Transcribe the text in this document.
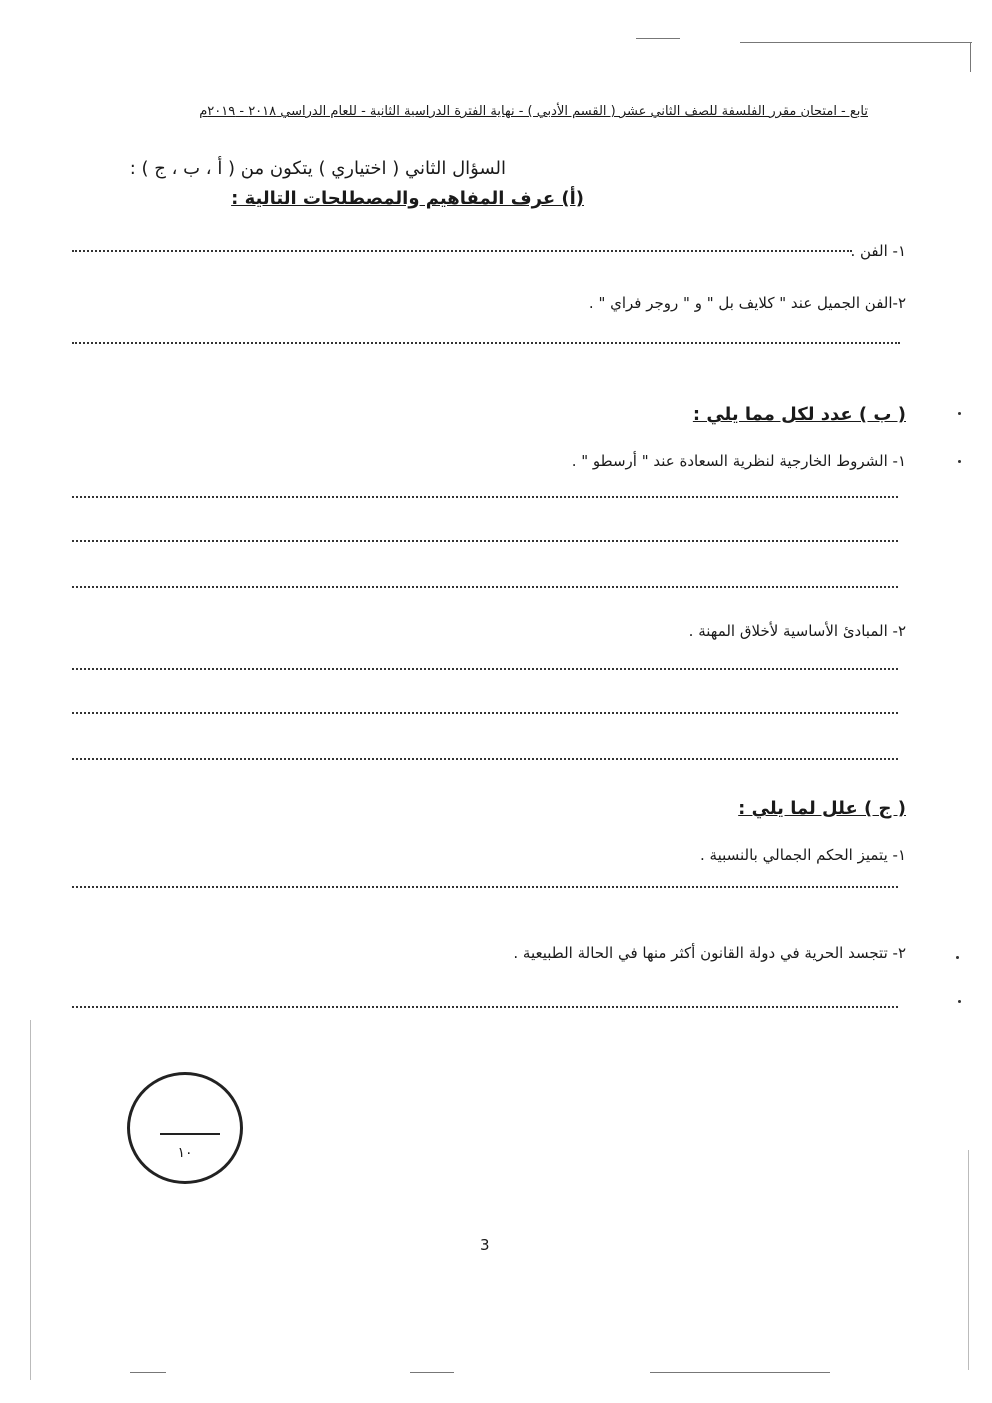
تابع - امتحان مقرر الفلسفة للصف الثاني عشر ( القسم الأدبي ) - نهاية الفترة الدراسية الثانية - للعام الدراسي ٢٠١٨ - ٢٠١٩م
السؤال الثاني ( اختياري ) يتكون من ( أ ، ب ، ج ) :
(أ) عرف المفاهيم والمصطلحات التالية :
١- الفن .
٢-الفن الجميل عند " كلايف بل " و " روجر فراي " .
( ب ) عدد لكل مما يلي :
١- الشروط الخارجية لنظرية السعادة عند " أرسطو " .
٢- المبادئ الأساسية لأخلاق المهنة .
( ج ) علل لما يلي :
١- يتميز الحكم الجمالي بالنسبية .
٢- تتجسد الحرية في دولة القانون أكثر منها في الحالة الطبيعية .
١٠
3
